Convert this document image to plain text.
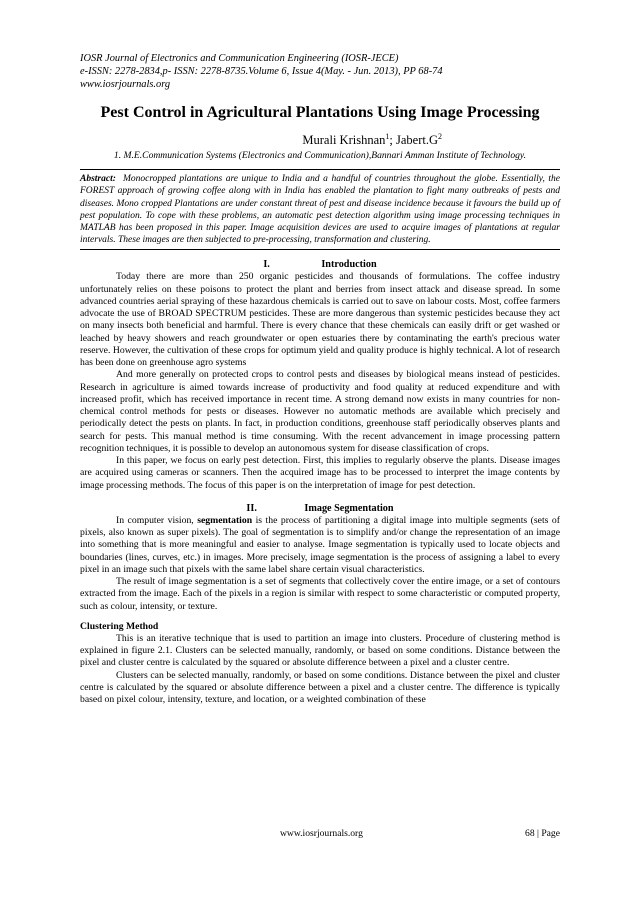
IOSR Journal of Electronics and Communication Engineering (IOSR-JECE)
e-ISSN: 2278-2834,p- ISSN: 2278-8735.Volume 6, Issue 4(May. - Jun. 2013), PP 68-74
www.iosrjournals.org
Pest Control in Agricultural Plantations Using Image Processing
Murali Krishnan$^1$; $Jabert.G^2$
1. M.E.Communication Systems (Electronics and Communication),Bannari Amman Institute of Technology.
Abstract: Monocropped plantations are unique to India and a handful of countries throughout the globe. Essentially, the FOREST approach of growing coffee along with in India has enabled the plantation to fight many outbreaks of pests and diseases. Mono cropped Plantations are under constant threat of pest and disease incidence because it favours the build up of pest population. To cope with these problems, an automatic pest detection algorithm using image processing techniques in MATLAB has been proposed in this paper. Image acquisition devices are used to acquire images of plantations at regular intervals. These images are then subjected to pre-processing, transformation and clustering.
I.	Introduction

Today there are more than 250 organic pesticides and thousands of formulations. The coffee industry unfortunately relies on these poisons to protect the plant and berries from insect attack and disease spread. In some advanced countries aerial spraying of these hazardous chemicals is carried out to save on labour costs. Most, coffee farmers advocate the use of BROAD SPECTRUM pesticides. These are more dangerous than systemic pesticides because they act on many insects both beneficial and harmful. There is every chance that these chemicals can easily drift or get washed or leached by heavy showers and reach groundwater or open estuaries there by contaminating the earth's precious water reserve. However, the cultivation of these crops for optimum yield and quality produce is highly technical. A lot of research has been done on greenhouse agro systems

And more generally on protected crops to control pests and diseases by biological means instead of pesticides. Research in agriculture is aimed towards increase of productivity and food quality at reduced expenditure and with increased profit, which has received importance in recent time. A strong demand now exists in many countries for non-chemical control methods for pests or diseases. However no automatic methods are available which precisely and periodically detect the pests on plants. In fact, in production conditions, greenhouse staff periodically observes plants and search for pests. This manual method is time consuming. With the recent advancement in image processing pattern recognition techniques, it is possible to develop an autonomous system for disease classification of crops.

In this paper, we focus on early pest detection. First, this implies to regularly observe the plants. Disease images are acquired using cameras or scanners. Then the acquired image has to be processed to interpret the image contents by image processing methods. The focus of this paper is on the interpretation of image for pest detection.

II.	Image Segmentation

In computer vision, segmentation is the process of partitioning a digital image into multiple segments (sets of pixels, also known as super pixels). The goal of segmentation is to simplify and/or change the representation of an image into something that is more meaningful and easier to analyse. Image segmentation is typically used to locate objects and boundaries (lines, curves, etc.) in images. More precisely, image segmentation is the process of assigning a label to every pixel in an image such that pixels with the same label share certain visual characteristics.

The result of image segmentation is a set of segments that collectively cover the entire image, or a set of contours extracted from the image. Each of the pixels in a region is similar with respect to some characteristic or computed property, such as colour, intensity, or texture.

Clustering Method

This is an iterative technique that is used to partition an image into clusters. Procedure of clustering method is explained in figure 2.1. Clusters can be selected manually, randomly, or based on some conditions. Distance between the pixel and cluster centre is calculated by the squared or absolute difference between a pixel and a cluster centre.

Clusters can be selected manually, randomly, or based on some conditions. Distance between the pixel and cluster centre is calculated by the squared or absolute difference between a pixel and a cluster centre. The difference is typically based on pixel colour, intensity, texture, and location, or a weighted combination of these

www.iosrjournals.org	68 | Page
